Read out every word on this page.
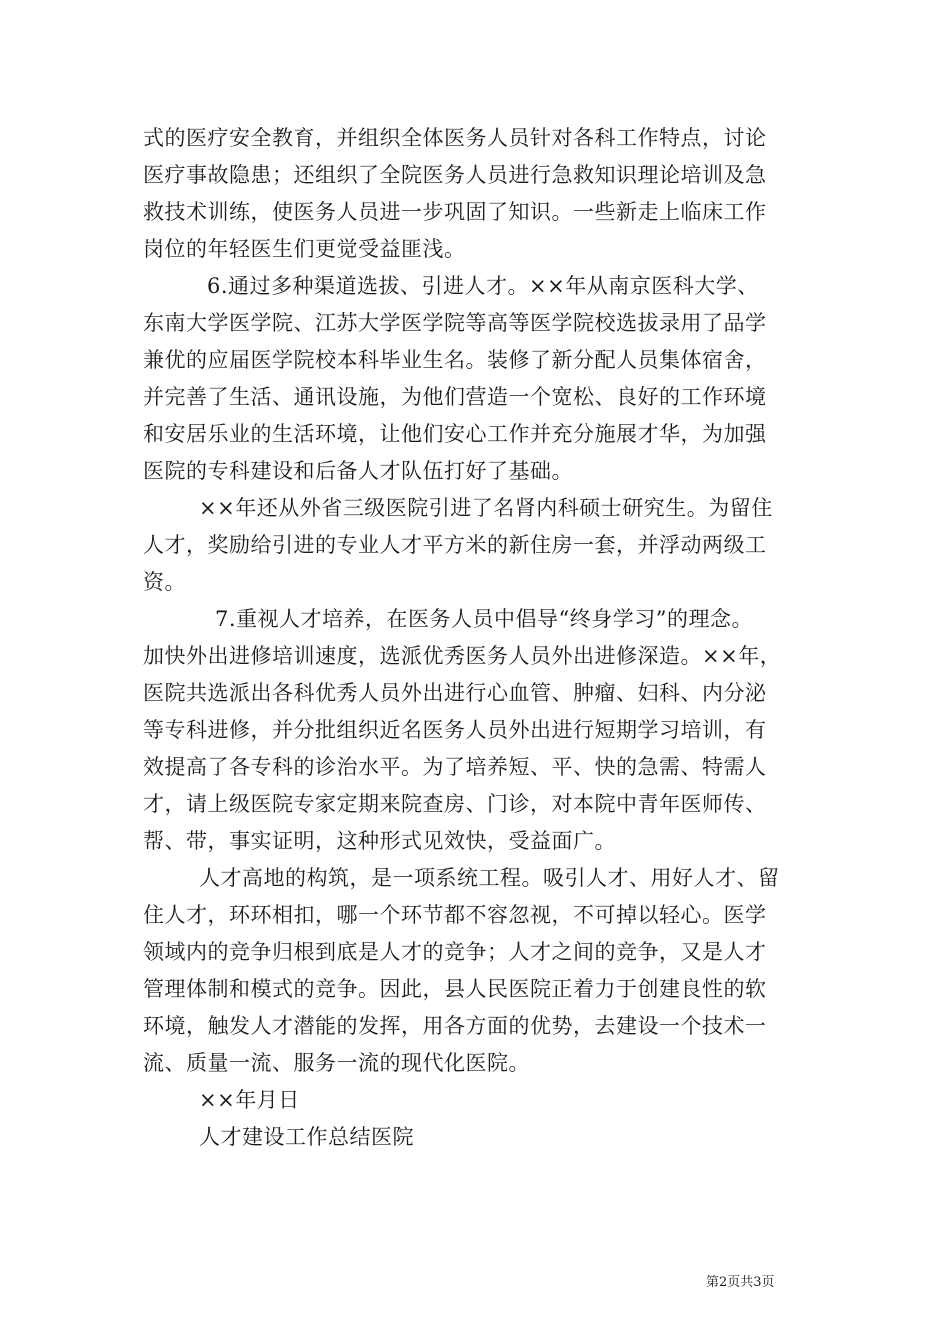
式的医疗安全教育，并组织全体医务人员针对各科工作特点，讨论
医疗事故隐患；还组织了全院医务人员进行急救知识理论培训及急
救技术训练，使医务人员进一步巩固了知识。一些新走上临床工作
岗位的年轻医生们更觉受益匪浅。
6.通过多种渠道选拔、引进人才。××年从南京医科大学、
东南大学医学院、江苏大学医学院等高等医学院校选拔录用了品学
兼优的应届医学院校本科毕业生名。装修了新分配人员集体宿舍，
并完善了生活、通讯设施，为他们营造一个宽松、良好的工作环境
和安居乐业的生活环境，让他们安心工作并充分施展才华，为加强
医院的专科建设和后备人才队伍打好了基础。
××年还从外省三级医院引进了名肾内科硕士研究生。为留住
人才，奖励给引进的专业人才平方米的新住房一套，并浮动两级工
资。
7.重视人才培养，在医务人员中倡导“终身学习”的理念。
加快外出进修培训速度，选派优秀医务人员外出进修深造。××年，
医院共选派出各科优秀人员外出进行心血管、肿瘤、妇科、内分泌
等专科进修，并分批组织近名医务人员外出进行短期学习培训，有
效提高了各专科的诊治水平。为了培养短、平、快的急需、特需人
才，请上级医院专家定期来院查房、门诊，对本院中青年医师传、
帮、带，事实证明，这种形式见效快，受益面广。
人才高地的构筑，是一项系统工程。吸引人才、用好人才、留
住人才，环环相扣，哪一个环节都不容忽视，不可掉以轻心。医学
领域内的竞争归根到底是人才的竞争；人才之间的竞争，又是人才
管理体制和模式的竞争。因此，县人民医院正着力于创建良性的软
环境，触发人才潜能的发挥，用各方面的优势，去建设一个技术一
流、质量一流、服务一流的现代化医院。
××年月日
人才建设工作总结医院
第2页共3页
